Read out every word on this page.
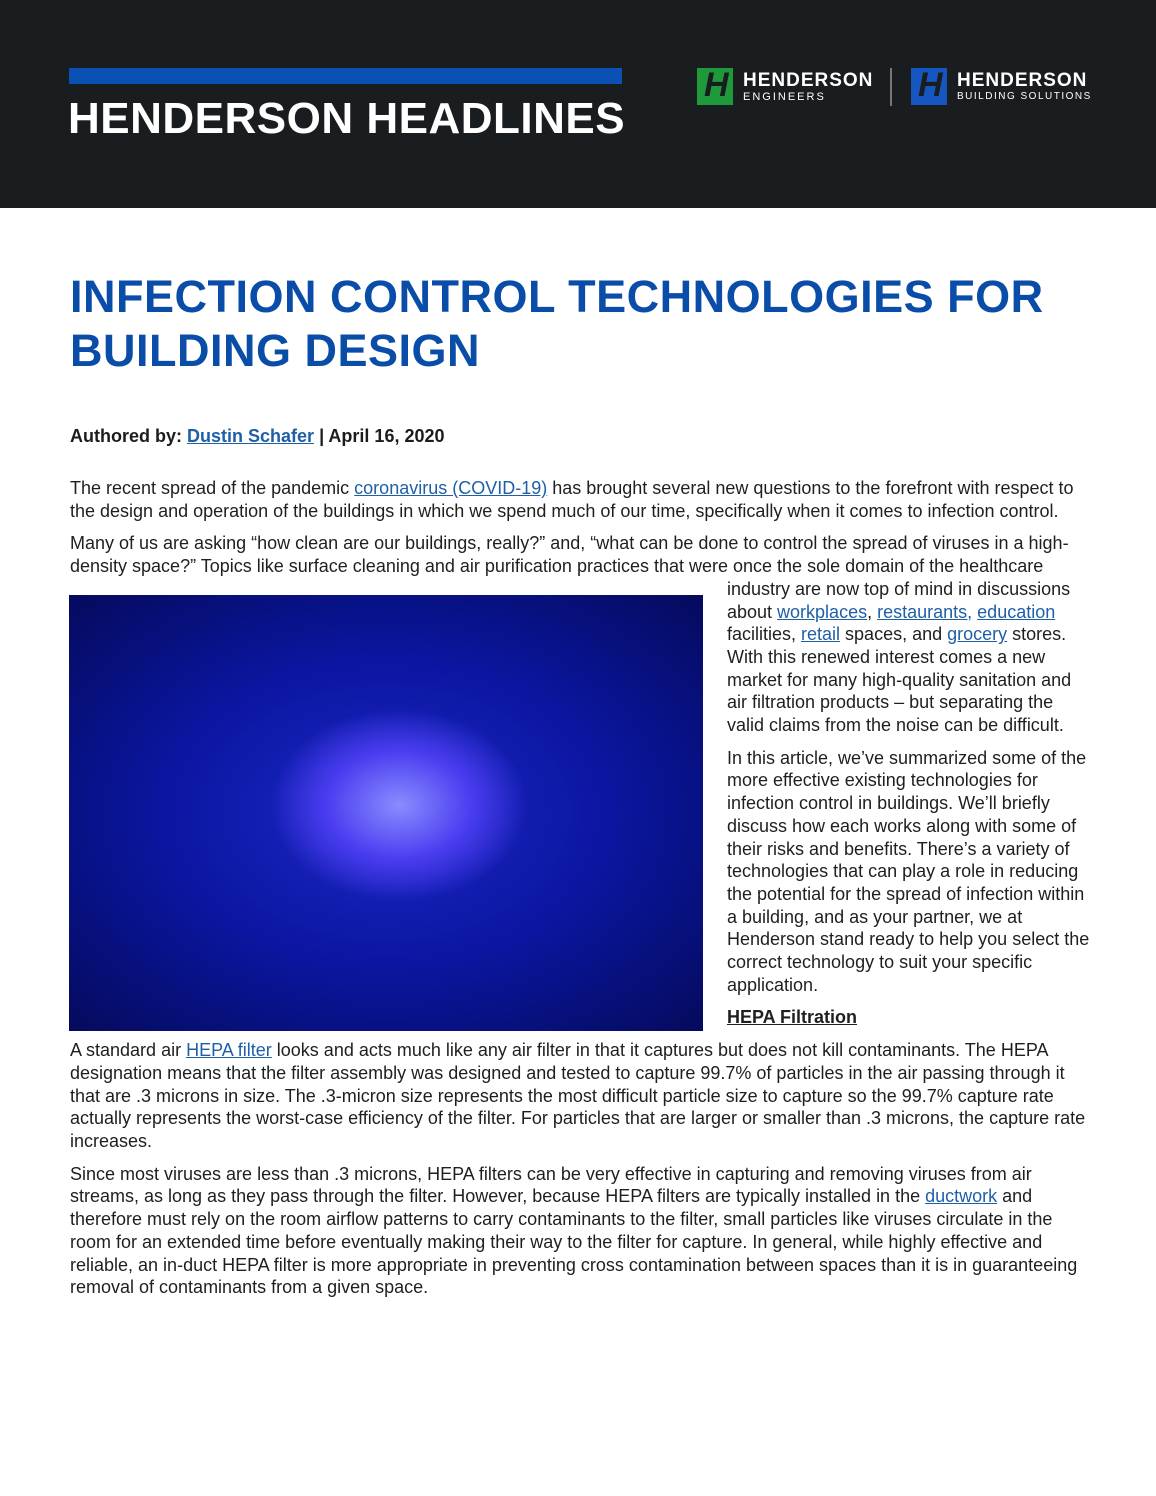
HENDERSON HEADLINES
H HENDERSON
ENGINEERS	H HENDERSON
BUILDING SOLUTIONS
INFECTION CONTROL TECHNOLOGIES FOR BUILDING DESIGN
Authored by: Dustin Schafer | April 16, 2020

The recent spread of the pandemic coronavirus (COVID-19) has brought several new questions to the forefront with respect to the design and operation of the buildings in which we spend much of our time, specifically when it comes to infection control.

Many of us are asking “how clean are our buildings, really?” and, “what can be done to control the spread of viruses in a high-density space?” Topics like surface cleaning and air purification practices that were once the sole domain of the healthcare industry are now top of mind in discussions about workplaces, restaurants, education facilities, retail spaces, and grocery stores. With this renewed interest comes a new market for many high-quality sanitation and air filtration products – but separating the valid claims from the noise can be difficult.

In this article, we’ve summarized some of the more effective existing technologies for infection control in buildings. We’ll briefly discuss how each works along with some of their risks and benefits. There’s a variety of technologies that can play a role in reducing the potential for the spread of infection within a building, and as your partner, we at Henderson stand ready to help you select the correct technology to suit your specific application.

HEPA Filtration

A standard air HEPA filter looks and acts much like any air filter in that it captures but does not kill contaminants. The HEPA designation means that the filter assembly was designed and tested to capture 99.7% of particles in the air passing through it that are .3 microns in size. The .3-micron size represents the most difficult particle size to capture so the 99.7% capture rate actually represents the worst-case efficiency of the filter. For particles that are larger or smaller than .3 microns, the capture rate increases.

Since most viruses are less than .3 microns, HEPA filters can be very effective in capturing and removing viruses from air streams, as long as they pass through the filter. However, because HEPA filters are typically installed in the ductwork and therefore must rely on the room airflow patterns to carry contaminants to the filter, small particles like viruses circulate in the room for an extended time before eventually making their way to the filter for capture. In general, while highly effective and reliable, an in-duct HEPA filter is more appropriate in preventing cross contamination between spaces than it is in guaranteeing removal of contaminants from a given space.
